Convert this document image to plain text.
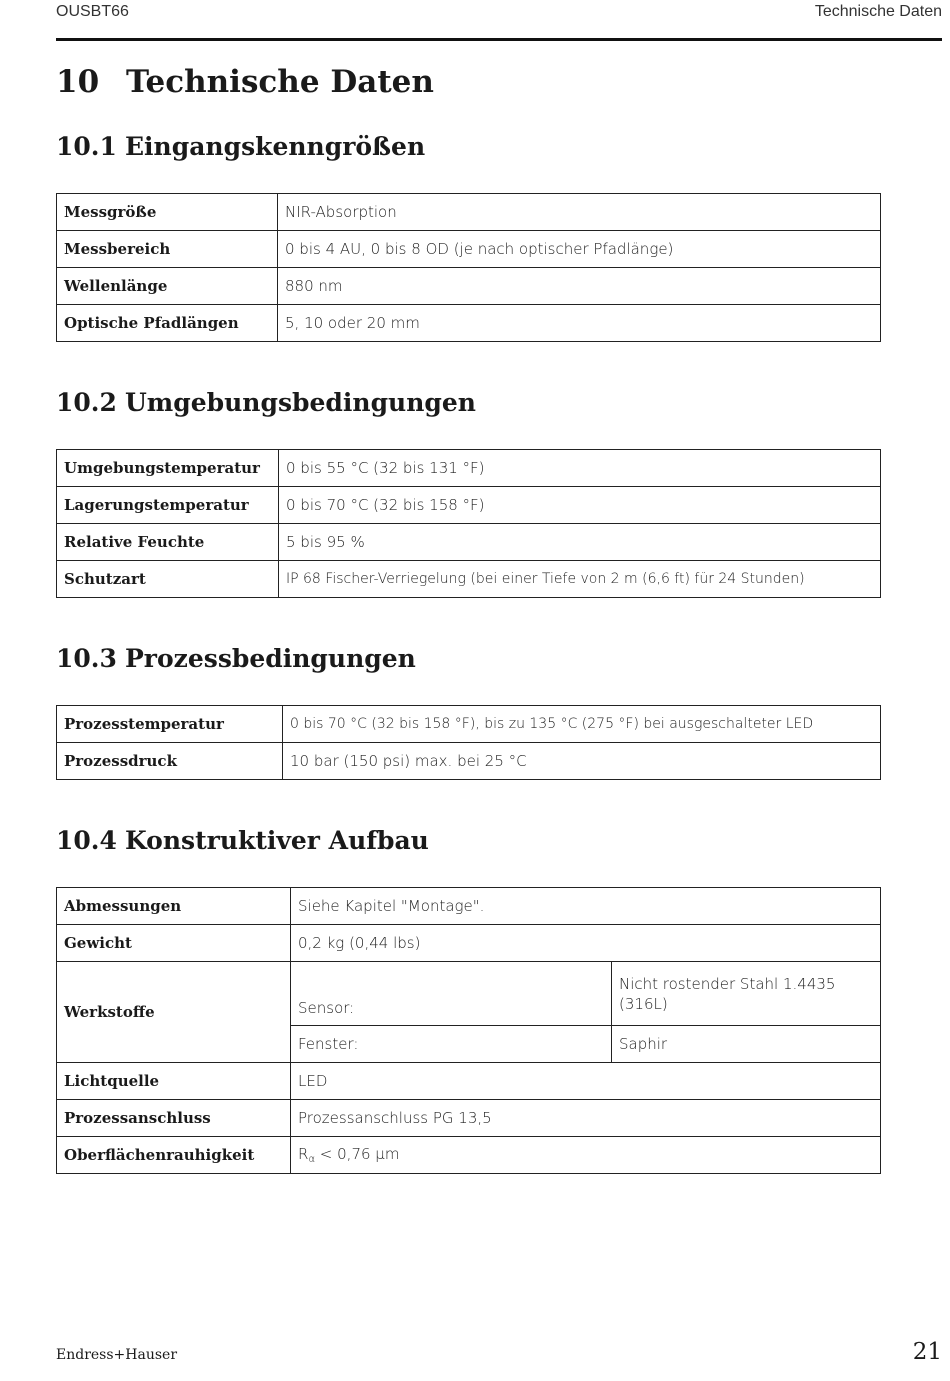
OUSBT66	Technische Daten
10 Technische Daten
10.1 Eingangskenngrößen
Messgröße	NIR-Absorption
Messbereich	0 bis 4 AU, 0 bis 8 OD (je nach optischer Pfadlänge)
Wellenlänge	880 nm
Optische Pfadlängen	5, 10 oder 20 mm
10.2 Umgebungsbedingungen
Umgebungstemperatur	0 bis 55 °C (32 bis 131 °F)
Lagerungstemperatur	0 bis 70 °C (32 bis 158 °F)
Relative Feuchte	5 bis 95 %
Schutzart	IP 68 Fischer-Verriegelung (bei einer Tiefe von 2 m (6,6 ft) für 24 Stunden)
10.3 Prozessbedingungen
Prozesstemperatur	0 bis 70 °C (32 bis 158 °F), bis zu 135 °C (275 °F) bei ausgeschalteter LED
Prozessdruck	10 bar (150 psi) max. bei 25 °C
10.4 Konstruktiver Aufbau
Abmessungen	Siehe Kapitel "Montage".	
Gewicht	0,2 kg (0,44 lbs)	
Werkstoffe	Sensor:	Nicht rostender Stahl 1.4435 (316L)
	Fenster:	Saphir
Lichtquelle	LED	
Prozessanschluss	Prozessanschluss PG 13,5	
Oberflächenrauhigkeit	$R_\alpha < 0,76$ µm	
Endress+Hauser	21
